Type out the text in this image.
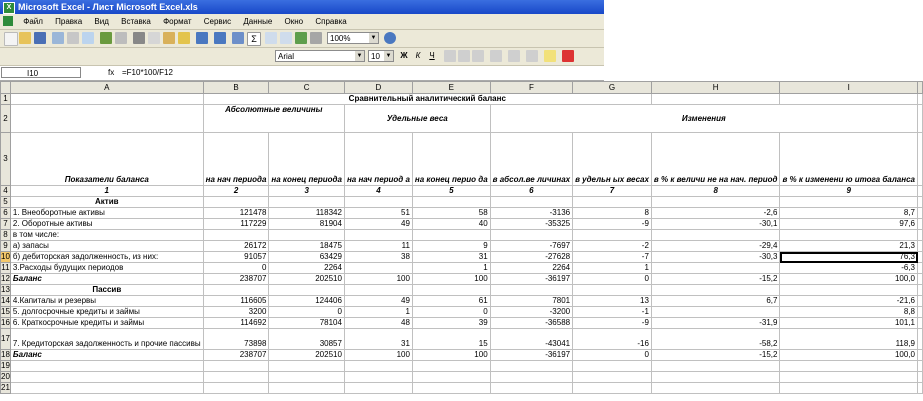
X Microsoft Excel - Лист Microsoft Excel.xls
Файл Правка Вид Вставка Формат Сервис Данные Окно Справка
Σ	100%	▼
Arial	▼	10 ▼ Ж	К	Ч
I10	fx =F10*100/F12
	A	B	C	D	E	F	G	H	I	
1		Сравнительный аналитический баланс								
2		Абсолютные величины		Удельные веса		Изменения				
3	Показатели баланса	на нач периода	на конец периода	на нач период а	на конец перио да	в абсол.ве личинах	в удельн ых весах	в % к величи не на нач. период	в % к изменени ю итога баланса	
4	1	2	3	4	5	6	7	8	9	
5	Актив									
6	1. Внеоборотные активы	121478	118342	51	58	-3136	8	-2,6	8,7	
7	2. Оборотные активы	117229	81904	49	40	-35325	-9	-30,1	97,6	
8	в том числе:									
9	а) запасы	26172	18475	11	9	-7697	-2	-29,4	21,3	
10	б) дебиторская задолженность, из них:	91057	63429	38	31	-27628	-7	-30,3	76,3	
11	3.Расходы будущих периодов	0	2264		1	2264	1		-6,3	
12	Баланс	238707	202510	100	100	-36197	0	-15,2	100,0	
13	Пассив									
14	4.Капиталы и резервы	116605	124406	49	61	7801	13	6,7	-21,6	
15	5. долгосрочные кредиты и займы	3200	0	1	0	-3200	-1		8,8	
16	6. Краткосрочные кредиты и займы	114692	78104	48	39	-36588	-9	-31,9	101,1	
17	7. Кредиторская задолженность и прочие пассивы	73898	30857	31	15	-43041	-16	-58,2	118,9	
18	Баланс	238707	202510	100	100	-36197	0	-15,2	100,0	
19										
20										
21										
